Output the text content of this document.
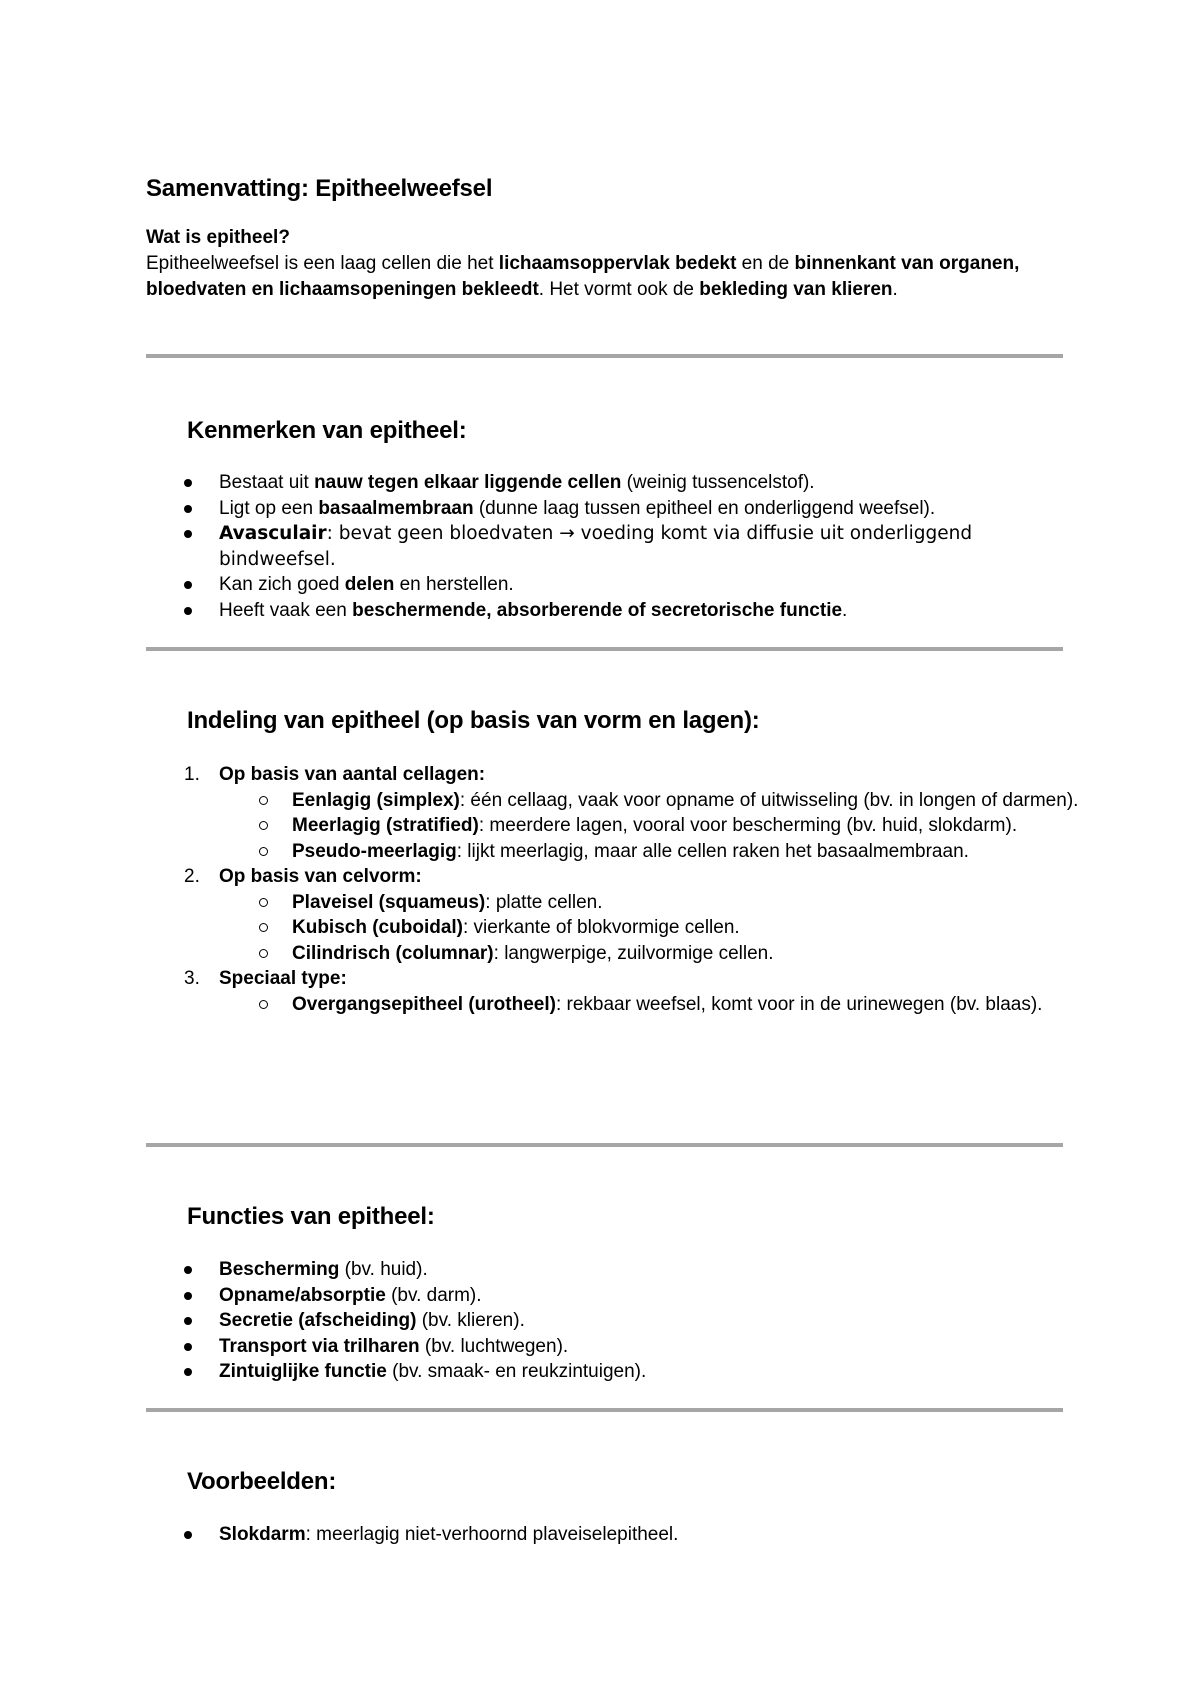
Samenvatting: Epitheelweefsel

Wat is epitheel?

Epitheelweefsel is een laag cellen die het lichaamsoppervlak bedekt en de binnenkant van organen, bloedvaten en lichaamsopeningen bekleedt. Het vormt ook de bekleding van klieren.

Kenmerken van epitheel:
Bestaat uit nauw tegen elkaar liggende cellen (weinig tussencelstof).
Ligt op een basaalmembraan (dunne laag tussen epitheel en onderliggend weefsel).
Avasculair: bevat geen bloedvaten → voeding komt via diffusie uit onderliggend bindweefsel.
Kan zich goed delen en herstellen.
Heeft vaak een beschermende, absorberende of secretorische functie.
Indeling van epitheel (op basis van vorm en lagen):
1. Op basis van aantal cellagen:
Eenlagig (simplex): één cellaag, vaak voor opname of uitwisseling (bv. in longen of darmen).
Meerlagig (stratified): meerdere lagen, vooral voor bescherming (bv. huid, slokdarm).
Pseudo-meerlagig: lijkt meerlagig, maar alle cellen raken het basaalmembraan.
2. Op basis van celvorm:
Plaveisel (squameus): platte cellen.
Kubisch (cuboidal): vierkante of blokvormige cellen.
Cilindrisch (columnar): langwerpige, zuilvormige cellen.
3. Speciaal type:
Overgangsepitheel (urotheel): rekbaar weefsel, komt voor in de urinewegen (bv. blaas).
Functies van epitheel:
Bescherming (bv. huid).
Opname/absorptie (bv. darm).
Secretie (afscheiding) (bv. klieren).
Transport via trilharen (bv. luchtwegen).
Zintuiglijke functie (bv. smaak- en reukzintuigen).
Voorbeelden:
Slokdarm: meerlagig niet-verhoornd plaveiselepitheel.
